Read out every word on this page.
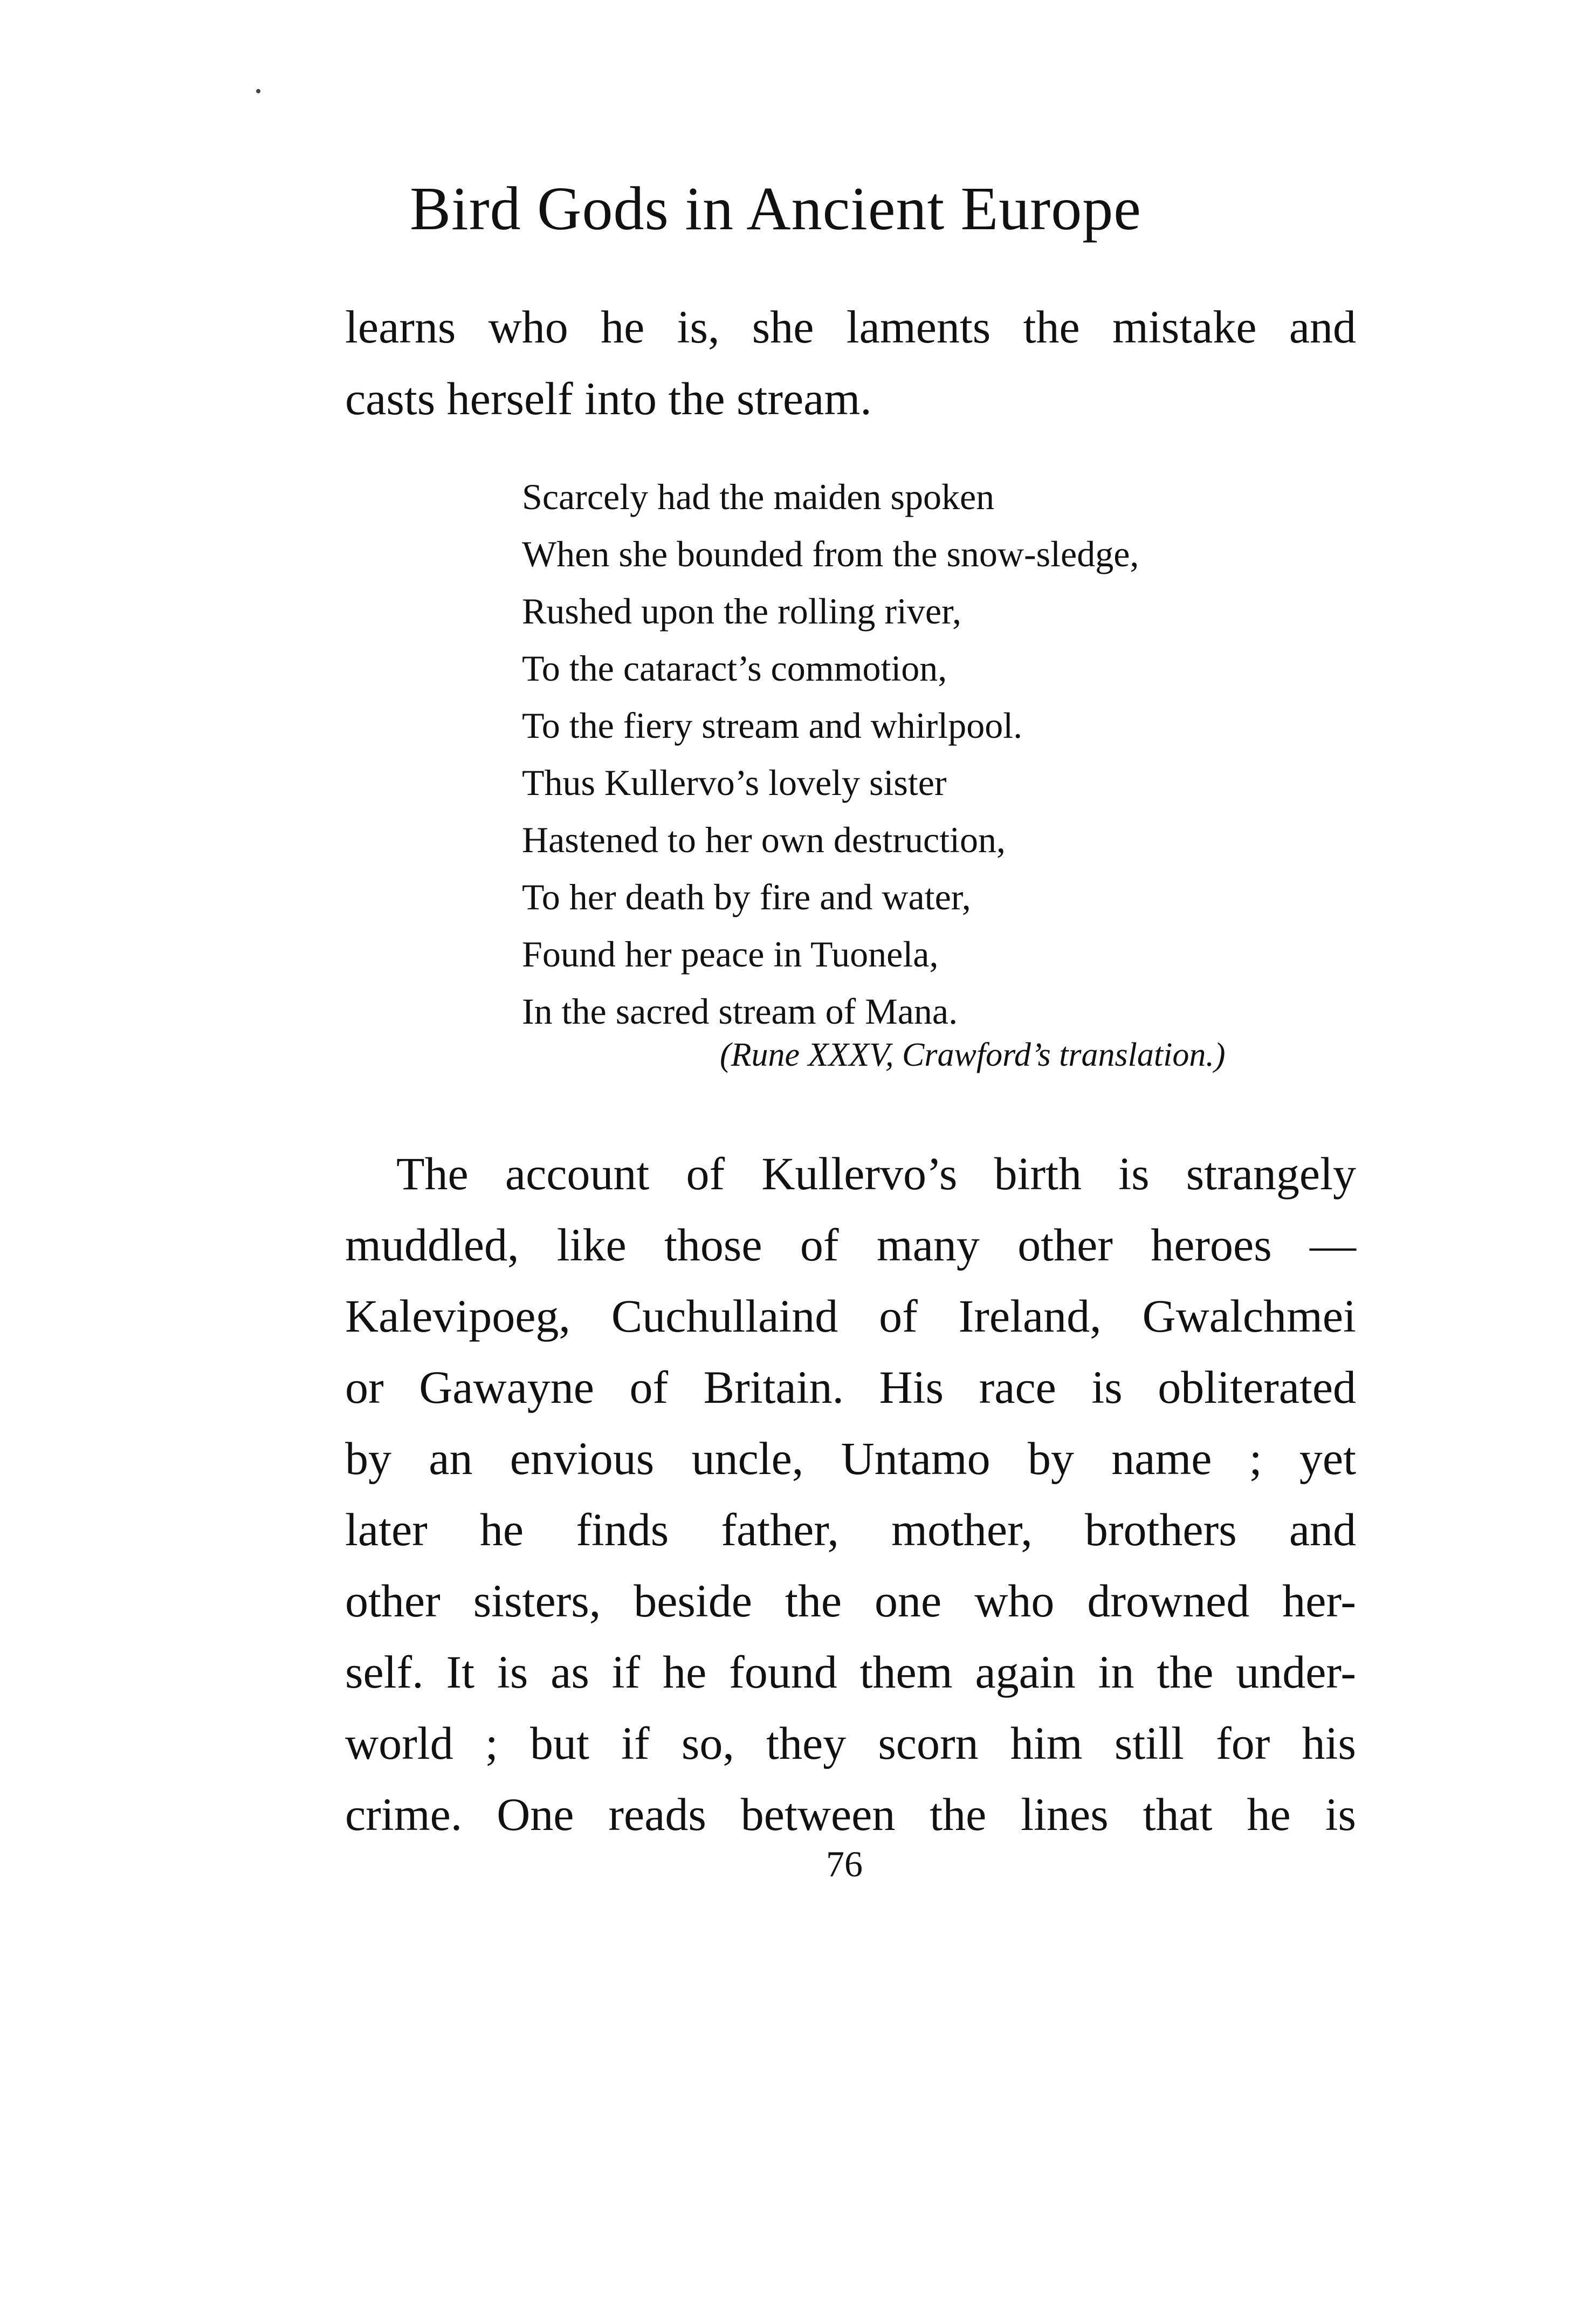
Bird Gods in Ancient Europe
learns who he is, she laments the mistake and
casts herself into the stream.
Scarcely had the maiden spoken
When she bounded from the snow-sledge,
Rushed upon the rolling river,
To the cataract’s commotion,
To the fiery stream and whirlpool.
Thus Kullervo’s lovely sister
Hastened to her own destruction,
To her death by fire and water,
Found her peace in Tuonela,
In the sacred stream of Mana.
(Rune XXXV, Crawford’s translation.)
The account of Kullervo’s birth is strangely
muddled, like those of many other heroes —
Kalevipoeg, Cuchullaind of Ireland, Gwalchmei
or Gawayne of Britain. His race is obliterated
by an envious uncle, Untamo by name ; yet
later he finds father, mother, brothers and
other sisters, beside the one who drowned her-
self. It is as if he found them again in the under-
world ; but if so, they scorn him still for his
crime. One reads between the lines that he is
76
